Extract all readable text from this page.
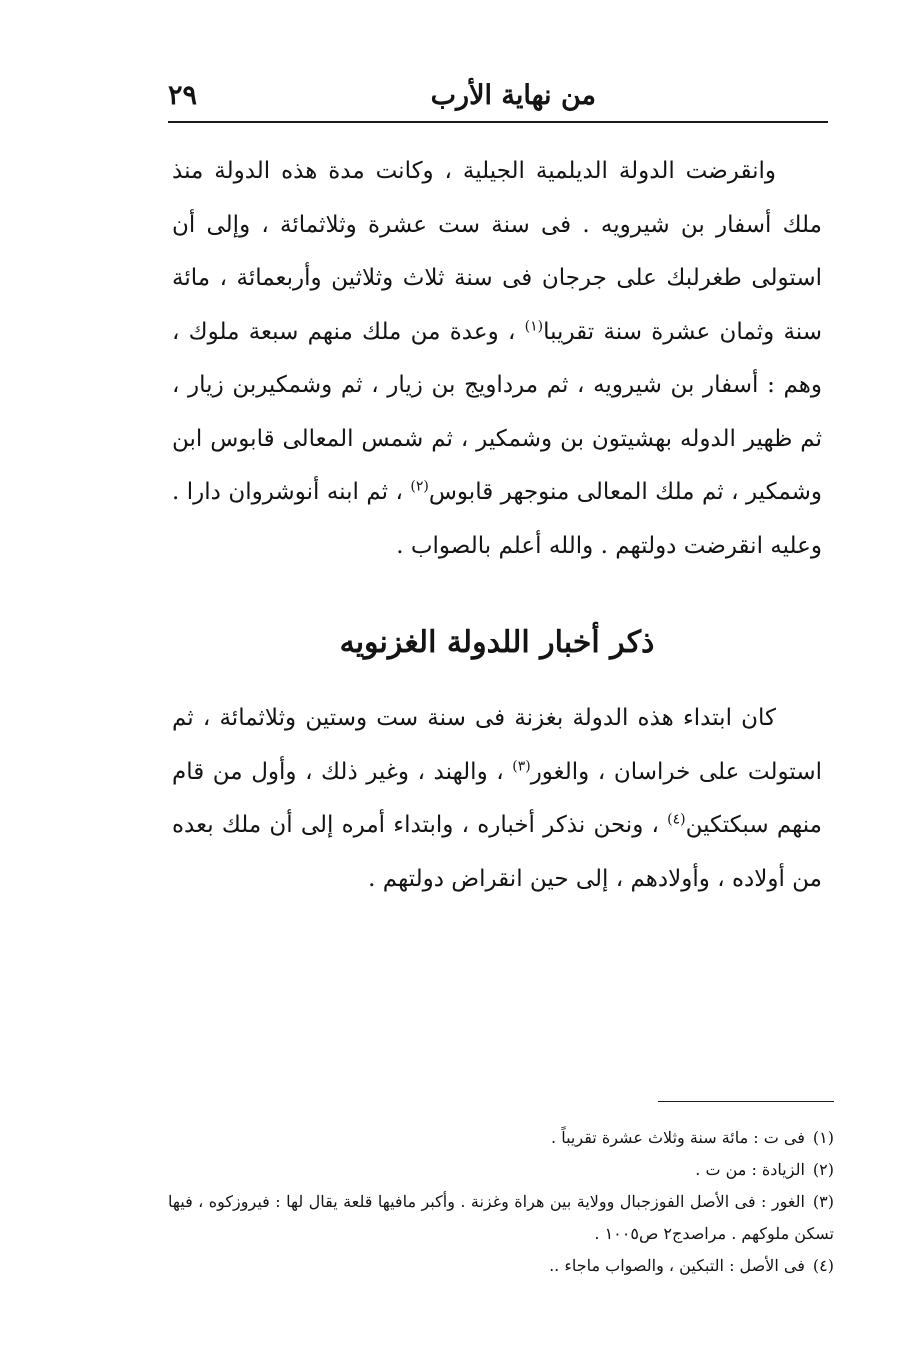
من نهاية الأرب
٢٩

وانقرضت الدولة الديلمية الجيلية ، وكانت مدة هذه الدولة منذ ملك أسفار بن شيرويه . فى سنة ست عشرة وثلاثمائة ، وإلى أن استولى طغرلبك على جرجان فى سنة ثلاث وثلاثين وأربعمائة ، مائة سنة وثمان عشرة سنة تقريبا$^{(١)}$ ، وعدة من ملك منهم سبعة ملوك ، وهم : أسفار بن شيرويه ، ثم مرداويج بن زيار ، ثم وشمكيربن زيار ، ثم ظهير الدوله بهشيتون بن وشمكير ، ثم شمس المعالى قابوس ابن وشمكير ، ثم ملك المعالى منوجهر قابوس$^{(٢)}$ ، ثم ابنه أنوشروان دارا . وعليه انقرضت دولتهم . والله أعلم بالصواب .

ذكر أخبار اللدولة الغزنويه

كان ابتداء هذه الدولة بغزنة فى سنة ست وستين وثلاثمائة ، ثم استولت على خراسان ، والغور$^{(٣)}$ ، والهند ، وغير ذلك ، وأول من قام منهم سبكتكين$^{(٤)}$ ، ونحن نذكر أخباره ، وابتداء أمره إلى أن ملك بعده من أولاده ، وأولادهم ، إلى حين انقراض دولتهم .

(١)فى ت : مائة سنة وثلاث عشرة تقريباً .

(٢)الزيادة : من ت .

(٣)الغور : فى الأصل الفوزجبال وولاية بين هراة وغزنة . وأكبر مافيها قلعة يقال لها : فيروزكوه ، فيها تسكن ملوكهم . مراصدج٢ ص١٠٠٥ .

(٤)فى الأصل : التبكين ، والصواب ماجاء ..
